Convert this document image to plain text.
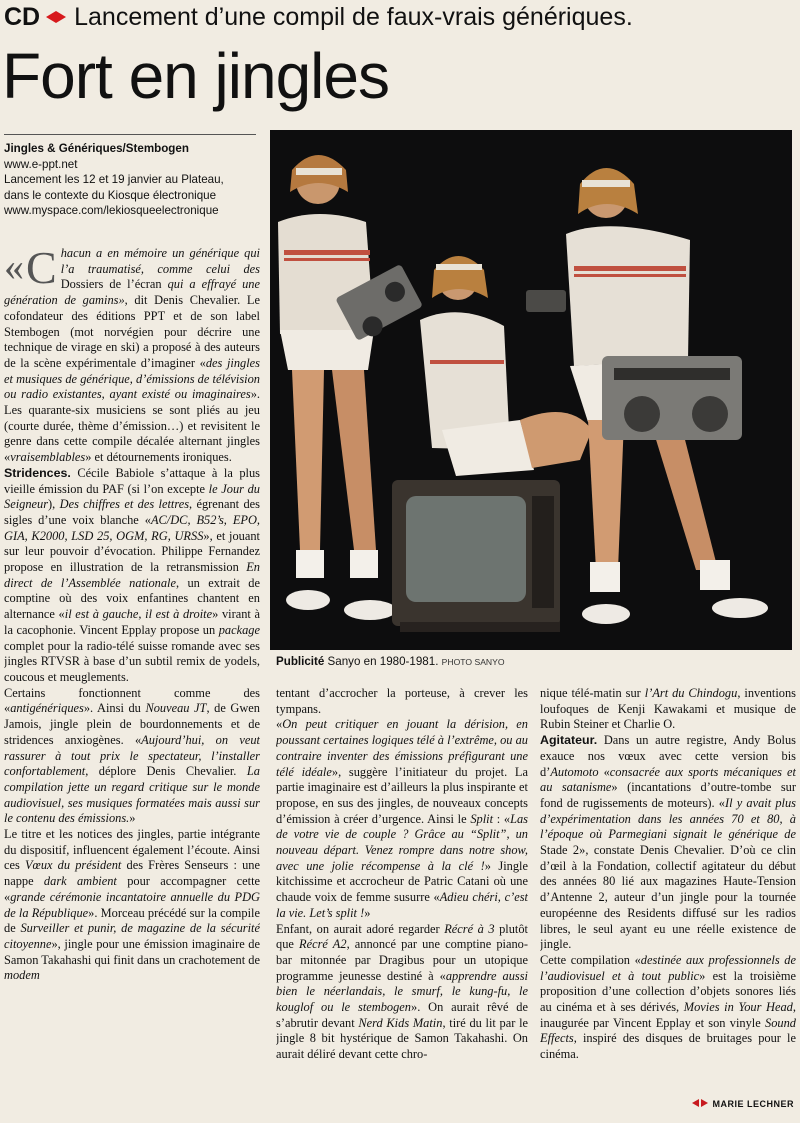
CD Lancement d’une compil de faux-vrais génériques.
Fort en jingles
Jingles & Génériques/Stembogen
www.e-ppt.net
Lancement les 12 et 19 janvier au Plateau,
dans le contexte du Kiosque électronique
www.myspace.com/lekiosqueelectronique
Publicité Sanyo en 1980-1981. PHOTO SANYO

« C hacun a en mémoire un générique qui l’a traumatisé, comme celui des Dossiers de l’écran qui a effrayé une génération de gamins», dit Denis Chevalier. Le cofondateur des éditions PPT et de son label Stembogen (mot norvégien pour décrire une technique de virage en ski) a proposé à des auteurs de la scène expérimentale d’imaginer «des jingles et musiques de générique, d’émissions de télévision ou radio existantes, ayant existé ou imaginaires». Les quarante-six musiciens se sont pliés au jeu (courte durée, thème d’émission…) et revisitent le genre dans cette compile décalée alternant jingles «vraisemblables» et détournements ironiques.

Stridences. Cécile Babiole s’attaque à la plus vieille émission du PAF (si l’on excepte le Jour du Seigneur), Des chiffres et des lettres, égrenant des sigles d’une voix blanche «AC/DC, B52’s, EPO, GIA, K2000, LSD 25, OGM, RG, URSS», et jouant sur leur pouvoir d’évocation. Philippe Fernandez propose en illustration de la retransmission En direct de l’Assemblée nationale, un extrait de comptine où des voix enfantines chantent en alternance «il est à gauche, il est à droite» virant à la cacophonie. Vincent Epplay propose un package complet pour la radio-télé suisse romande avec ses jingles RTVSR à base d’un subtil remix de yodels, coucous et meuglements.

Certains fonctionnent comme des «antigénériques». Ainsi du Nouveau JT, de Gwen Jamois, jingle plein de bourdonnements et de stridences anxiogènes. «Aujourd’hui, on veut rassurer à tout prix le spectateur, l’installer confortablement, déplore Denis Chevalier. La compilation jette un regard critique sur le monde audiovisuel, ses musiques formatées mais aussi sur le contenu des émissions.»

Le titre et les notices des jingles, partie intégrante du dispositif, influencent également l’écoute. Ainsi ces Vœux du président des Frères Senseurs : une nappe dark ambient pour accompagner cette «grande cérémonie incantatoire annuelle du PDG de la République». Morceau précédé sur la compile de Surveiller et punir, de magazine de la sécurité citoyenne», jingle pour une émission imaginaire de Samon Takahashi qui finit dans un crachotement de modem

tentant d’accrocher la porteuse, à crever les tympans.

«On peut critiquer en jouant la dérision, en poussant certaines logiques télé à l’extrême, ou au contraire inventer des émissions préfigurant une télé idéale», suggère l’initiateur du projet. La partie imaginaire est d’ailleurs la plus inspirante et propose, en sus des jingles, de nouveaux concepts d’émission à créer d’urgence. Ainsi le Split : «Las de votre vie de couple ? Grâce au “Split”, un nouveau départ. Venez rompre dans notre show, avec une jolie récompense à la clé !» Jingle kitchissime et accrocheur de Patric Catani où une chaude voix de femme susurre «Adieu chéri, c’est la vie. Let’s split !»

Enfant, on aurait adoré regarder Récré à 3 plutôt que Récré A2, annoncé par une comptine piano-bar mitonnée par Dragibus pour un utopique programme jeunesse destiné à «apprendre aussi bien le néerlandais, le smurf, le kung-fu, le kouglof ou le stembogen». On aurait rêvé de s’abrutir devant Nerd Kids Matin, tiré du lit par le jingle 8 bit hystérique de Samon Takahashi. On aurait déliré devant cette chro-

nique télé-matin sur l’Art du Chindogu, inventions loufoques de Kenji Kawakami et musique de Rubin Steiner et Charlie O.

Agitateur. Dans un autre registre, Andy Bolus exauce nos vœux avec cette version bis d’Automoto «consacrée aux sports mécaniques et au satanisme» (incantations d’outre-tombe sur fond de rugissements de moteurs). «Il y avait plus d’expérimentation dans les années 70 et 80, à l’époque où Parmegiani signait le générique de Stade 2», constate Denis Chevalier. D’où ce clin d’œil à la Fondation, collectif agitateur du début des années 80 lié aux magazines Haute-Tension d’Antenne 2, auteur d’un jingle pour la tournée européenne des Residents diffusé sur les radios libres, le seul ayant eu une réelle existence de jingle.

Cette compilation «destinée aux professionnels de l’audiovisuel et à tout public» est la troisième proposition d’une collection d’objets sonores liés au cinéma et à ses dérivés, Movies in Your Head, inaugurée par Vincent Epplay et son vinyle Sound Effects, inspiré des disques de bruitages pour le cinéma.

MARIE LECHNER
